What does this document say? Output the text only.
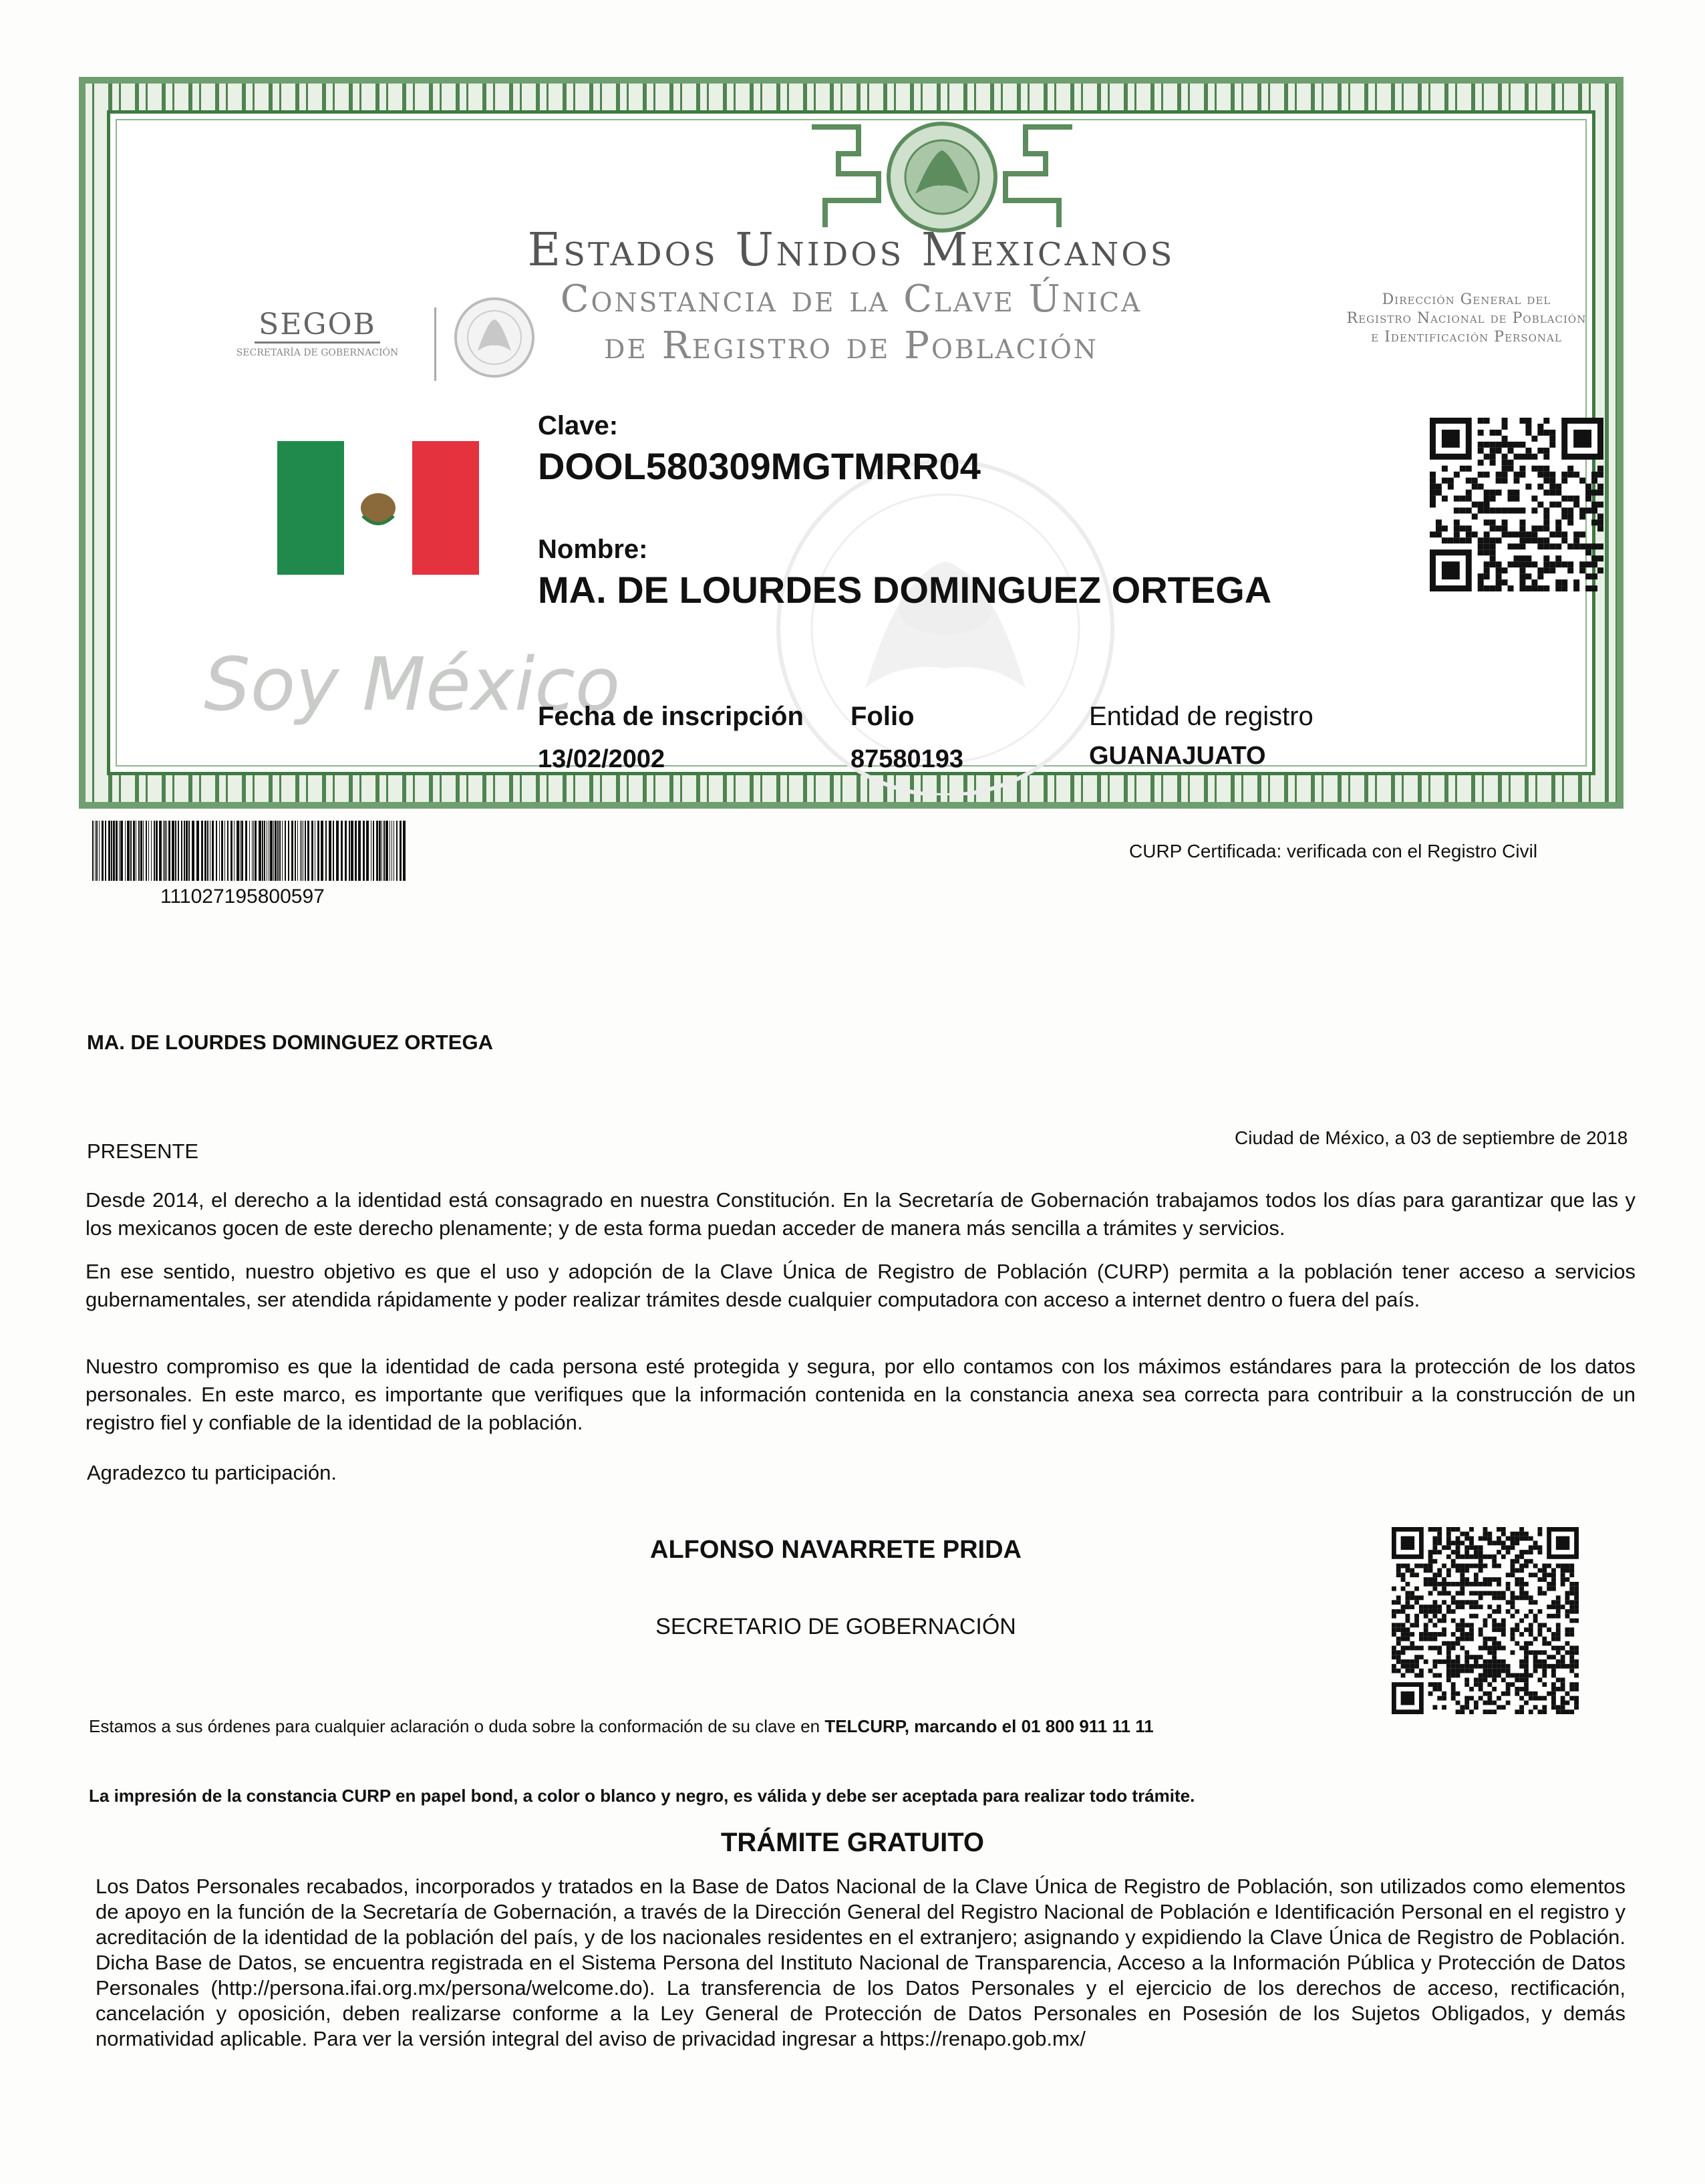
Estados Unidos Mexicanos
Constancia de la Clave Única
de Registro de Población
SEGOB
SECRETARÍA DE GOBERNACIÓN
Dirección General del
Registro Nacional de Población
e Identificación Personal
Soy México
Clave:
DOOL580309MGTMRR04
Nombre:
MA. DE LOURDES DOMINGUEZ ORTEGA
Fecha de inscripción
13/02/2002
Folio
87580193
Entidad de registro
GUANAJUATO
111027195800597
CURP Certificada: verificada con el Registro Civil
MA. DE LOURDES DOMINGUEZ ORTEGA
Ciudad de México, a 03 de septiembre de 2018
PRESENTE
Desde 2014, el derecho a la identidad está consagrado en nuestra Constitución. En la Secretaría de Gobernación trabajamos todos los días para garantizar que las y los mexicanos gocen de este derecho plenamente; y de esta forma puedan acceder de manera más sencilla a trámites y servicios.
En ese sentido, nuestro objetivo es que el uso y adopción de la Clave Única de Registro de Población (CURP) permita a la población tener acceso a servicios gubernamentales, ser atendida rápidamente y poder realizar trámites desde cualquier computadora con acceso a internet dentro o fuera del país.
Nuestro compromiso es que la identidad de cada persona esté protegida y segura, por ello contamos con los máximos estándares para la protección de los datos personales. En este marco, es importante que verifiques que la información contenida en la constancia anexa sea correcta para contribuir a la construcción de un registro fiel y confiable de la identidad de la población.
Agradezco tu participación.
ALFONSO NAVARRETE PRIDA
SECRETARIO DE GOBERNACIÓN
Estamos a sus órdenes para cualquier aclaración o duda sobre la conformación de su clave en TELCURP, marcando el 01 800 911 11 11
La impresión de la constancia CURP en papel bond, a color o blanco y negro, es válida y debe ser aceptada para realizar todo trámite.
TRÁMITE GRATUITO
Los Datos Personales recabados, incorporados y tratados en la Base de Datos Nacional de la Clave Única de Registro de Población, son utilizados como elementos de apoyo en la función de la Secretaría de Gobernación, a través de la Dirección General del Registro Nacional de Población e Identificación Personal en el registro y acreditación de la identidad de la población del país, y de los nacionales residentes en el extranjero; asignando y expidiendo la Clave Única de Registro de Población. Dicha Base de Datos, se encuentra registrada en el Sistema Persona del Instituto Nacional de Transparencia, Acceso a la Información Pública y Protección de Datos Personales (http://persona.ifai.org.mx/persona/welcome.do). La transferencia de los Datos Personales y el ejercicio de los derechos de acceso, rectificación, cancelación y oposición, deben realizarse conforme a la Ley General de Protección de Datos Personales en Posesión de los Sujetos Obligados, y demás normatividad aplicable. Para ver la versión integral del aviso de privacidad ingresar a https://renapo.gob.mx/
